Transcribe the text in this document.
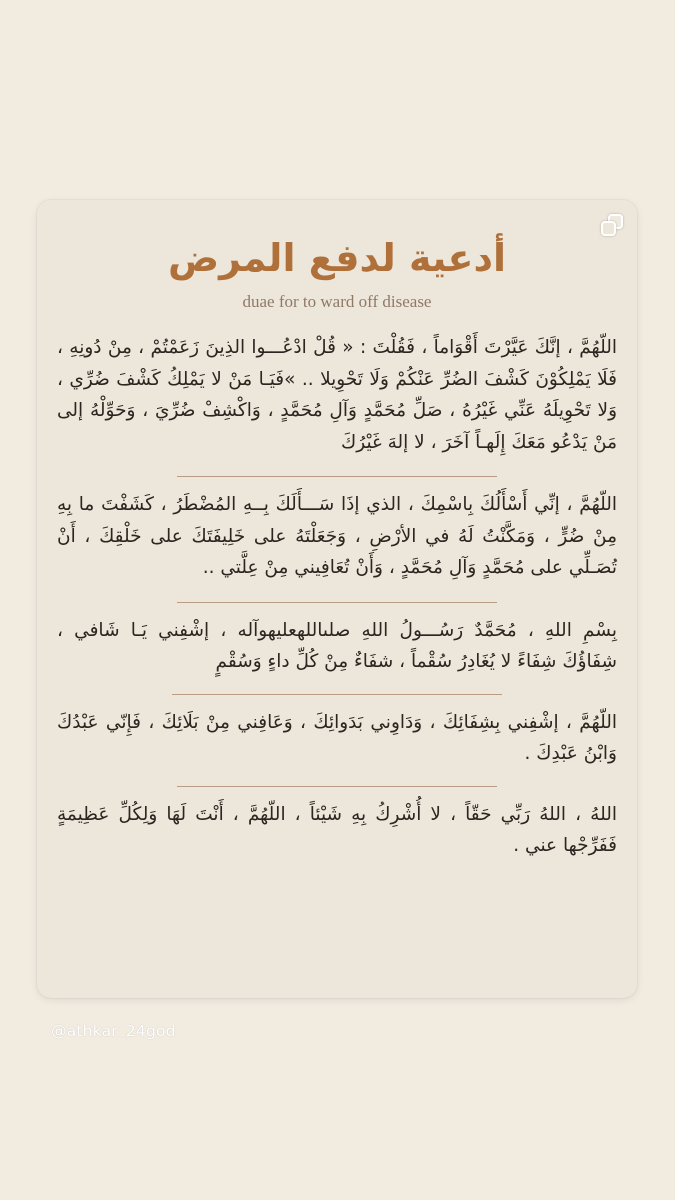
أدعية لدفع المرض
duae for to ward off disease
اللّهُمَّ ، إنَّكَ عَيَّرْتَ أَقْوَاماً ، فَقُلْتَ : « قُلْ ادْعُـــوا الذِينَ زَعَمْتُمْ ، مِنْ دُونِهِ ، فَلَا يَمْلِكُوْنَ كَشْفَ الضُرِّ عَنْكُمْ وَلَا تَحْوِيلا .. »فَيَـا مَنْ لا يَمْلِكُ كَشْفَ ضُرِّي ، وَلا تَحْوِيلَهُ عَنِّي غَيْرُهُ ، صَلِّ مُحَمَّدٍ وَآلِ مُحَمَّدٍ ، وَاكْشِفْ ضُرِّيَ ، وَحَوِّلْهُ إلى مَنْ يَدْعُو مَعَكَ إِلَهـاً آخَرَ ، لا إلهَ غَيْرُكَ
اللّهُمَّ ، إنِّي أَسْأَلُكَ بِاسْمِكَ ، الذي إذَا سَـــأَلَكَ بِــهِ المُضْطَرُ ، كَشَفْتَ ما بِهِ مِنْ ضُرٍّ ، وَمَكَّنْتُ لَهُ في الأرْضِ ، وَجَعَلْتَهُ على خَلِيفَتَكَ على خَلْقِكَ ، أَنْ تُصَـلِّي على مُحَمَّدٍ وَآلِ مُحَمَّدٍ ، وَأَنْ تُعَافِيني مِنْ عِلَّتي ..
بِسْمِ اللهِ ، مُحَمَّدٌ رَسُـــولُ اللهِ صلىاللهعليهوآله ، إشْفِني يَـا شَافي ، شِفَاؤُكَ شِفَاءً لا يُغَادِرُ سُقْماً ، شفَاءٌ مِنْ كُلِّ داءٍ وَسُقْمٍ
اللّهُمَّ ، إشْفِني بِشِفَائِكَ ، وَدَاوِني بَدَوائِكَ ، وَعَافِني مِنْ بَلَائِكَ ، فَإِنّي عَبْدُكَ وَابْنُ عَبْدِكَ .
اللهُ ، اللهُ رَبِّي حَقّاً ، لا أُشْرِكُ بِهِ شَيْئاً ، اللّهُمَّ ، أَنْتَ لَهَا وَلِكُلِّ عَظِيمَةٍ فَفَرِّجْها عني .
@athkar_24god
